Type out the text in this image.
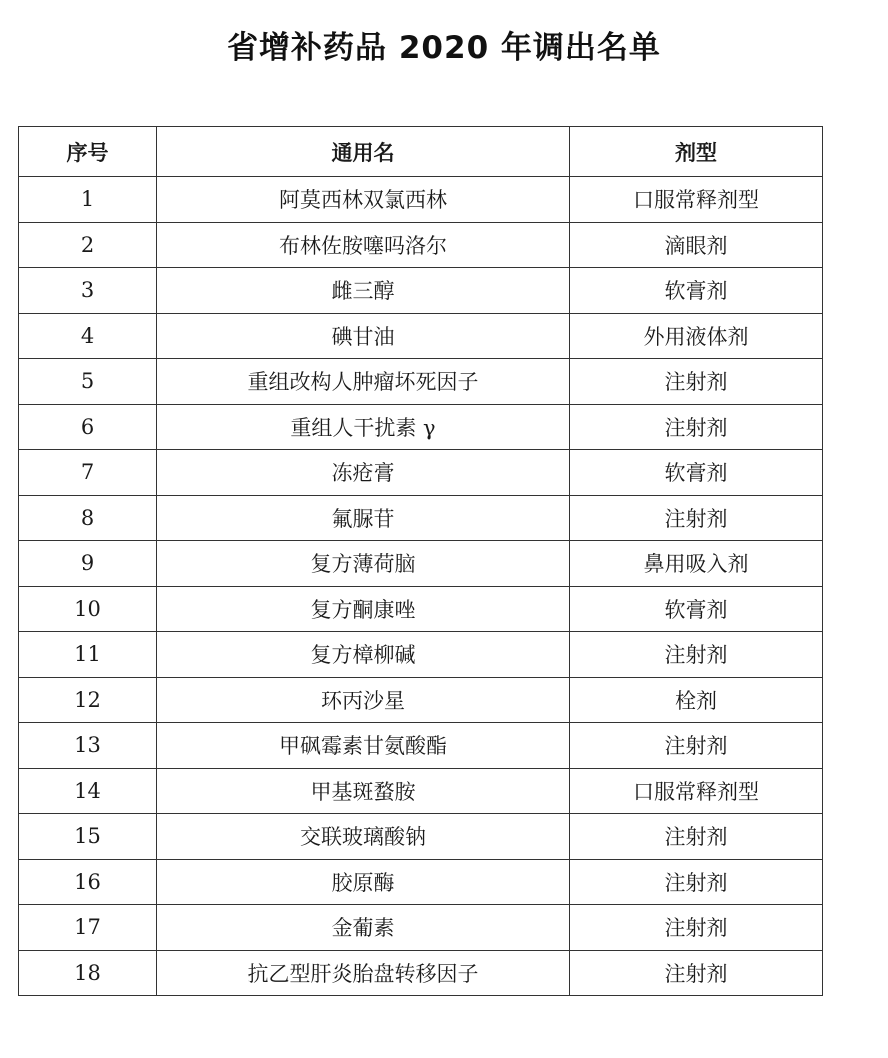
省增补药品 2020 年调出名单
序号	通用名	剂型
1	阿莫西林双氯西林	口服常释剂型
2	布林佐胺噻吗洛尔	滴眼剂
3	雌三醇	软膏剂
4	碘甘油	外用液体剂
5	重组改构人肿瘤坏死因子	注射剂
6	重组人干扰素 γ	注射剂
7	冻疮膏	软膏剂
8	氟脲苷	注射剂
9	复方薄荷脑	鼻用吸入剂
10	复方酮康唑	软膏剂
11	复方樟柳碱	注射剂
12	环丙沙星	栓剂
13	甲砜霉素甘氨酸酯	注射剂
14	甲基斑蝥胺	口服常释剂型
15	交联玻璃酸钠	注射剂
16	胶原酶	注射剂
17	金葡素	注射剂
18	抗乙型肝炎胎盘转移因子	注射剂
